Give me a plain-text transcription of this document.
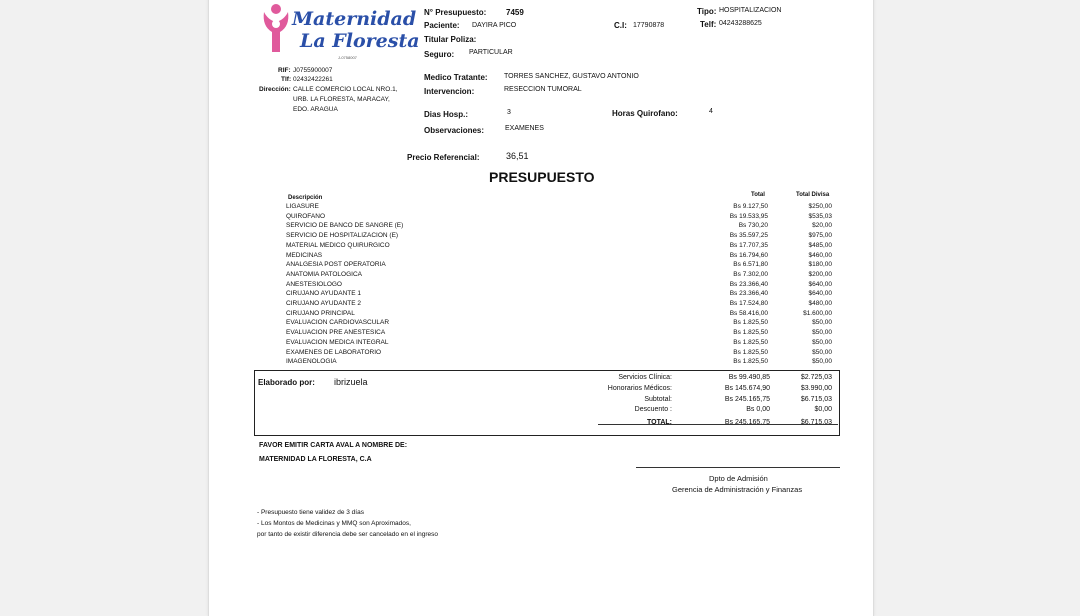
Maternidad
La Floresta
J-0758007
RIF: J0755900007
Tlf: 02432422261
Dirección: CALLE COMERCIO LOCAL NRO.1,
URB. LA FLORESTA, MARACAY,
EDO. ARAGUA
N° Presupuesto: 7459
Paciente: DAYIRA PICO	C.I: 17790878
Titular Poliza:
Seguro: PARTICULAR
Tipo: HOSPITALIZACION
Telf: 04243288625
Medico Tratante: TORRES SANCHEZ, GUSTAVO ANTONIO
Intervencion:	RESECCION TUMORAL
Dias Hosp.:	3	Horas Quirofano:	4
Observaciones:	EXAMENES
Precio Referencial:	36,51
PRESUPUESTO
Descripción	Total	Total Divisa
LIGASURE	Bs 9.127,50	$250,00
QUIROFANO	Bs 19.533,95	$535,03
SERVICIO DE BANCO DE SANGRE (E)	Bs 730,20	$20,00
SERVICIO DE HOSPITALIZACION (E)	Bs 35.597,25	$975,00
MATERIAL MEDICO QUIRURGICO	Bs 17.707,35	$485,00
MEDICINAS	Bs 16.794,60	$460,00
ANALGESIA POST OPERATORIA	Bs 6.571,80	$180,00
ANATOMIA PATOLOGICA	Bs 7.302,00	$200,00
ANESTESIOLOGO	Bs 23.366,40	$640,00
CIRUJANO AYUDANTE 1	Bs 23.366,40	$640,00
CIRUJANO AYUDANTE 2	Bs 17.524,80	$480,00
CIRUJANO PRINCIPAL	Bs 58.416,00	$1.600,00
EVALUACION CARDIOVASCULAR	Bs 1.825,50	$50,00
EVALUACION PRE ANESTESICA	Bs 1.825,50	$50,00
EVALUACION MEDICA INTEGRAL	Bs 1.825,50	$50,00
EXAMENES DE LABORATORIO	Bs 1.825,50	$50,00
IMAGENOLOGIA	Bs 1.825,50	$50,00
Elaborado por: ibrizuela	Servicios Clínica:	Bs 99.490,85	$2.725,03
Honorarios Médicos:	Bs 145.674,90	$3.990,00
Subtotal:	Bs 245.165,75	$6.715,03
Descuento :	Bs 0,00	$0,00
TOTAL:	Bs 245.165,75	$6.715,03
FAVOR EMITIR CARTA AVAL A NOMBRE DE:
MATERNIDAD LA FLORESTA, C.A
Dpto de Admisión
Gerencia de Administración y Finanzas
- Presupuesto tiene validez de 3 días
- Los Montos de Medicinas y MMQ son Aproximados,
por tanto de existir diferencia debe ser cancelado en el ingreso
